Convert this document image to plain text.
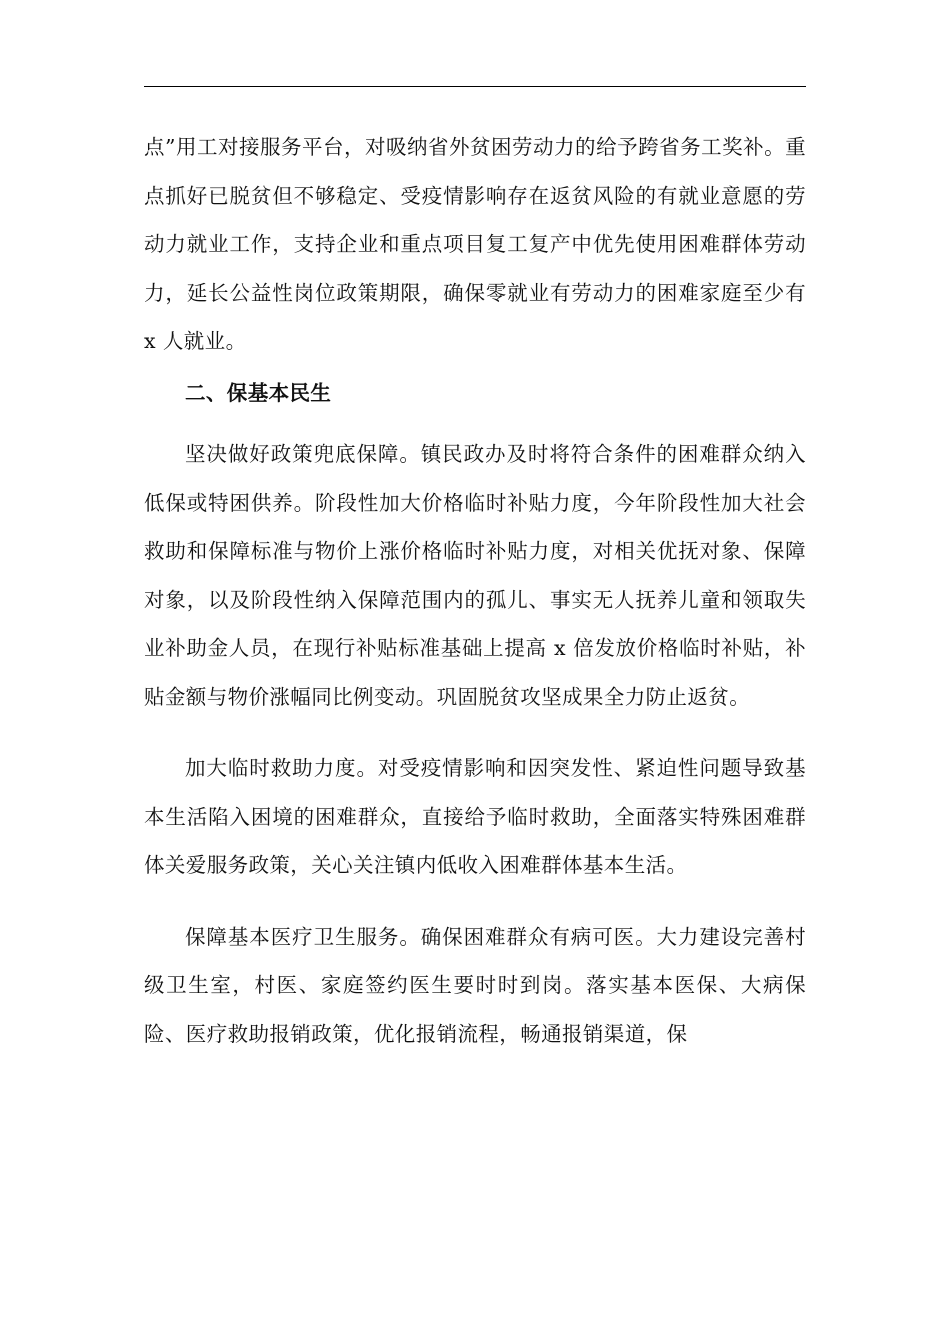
点”用工对接服务平台，对吸纳省外贫困劳动力的给予跨省务工奖补。重点抓好已脱贫但不够稳定、受疫情影响存在返贫风险的有就业意愿的劳动力就业工作，支持企业和重点项目复工复产中优先使用困难群体劳动力，延长公益性岗位政策期限，确保零就业有劳动力的困难家庭至少有 x 人就业。

二、保基本民生

坚决做好政策兜底保障。镇民政办及时将符合条件的困难群众纳入低保或特困供养。阶段性加大价格临时补贴力度，今年阶段性加大社会救助和保障标准与物价上涨价格临时补贴力度，对相关优抚对象、保障对象，以及阶段性纳入保障范围内的孤儿、事实无人抚养儿童和领取失业补助金人员，在现行补贴标准基础上提高 x 倍发放价格临时补贴，补贴金额与物价涨幅同比例变动。巩固脱贫攻坚成果全力防止返贫。

加大临时救助力度。对受疫情影响和因突发性、紧迫性问题导致基本生活陷入困境的困难群众，直接给予临时救助，全面落实特殊困难群体关爱服务政策，关心关注镇内低收入困难群体基本生活。

保障基本医疗卫生服务。确保困难群众有病可医。大力建设完善村级卫生室，村医、家庭签约医生要时时到岗。落实基本医保、大病保险、医疗救助报销政策，优化报销流程，畅通报销渠道，保
